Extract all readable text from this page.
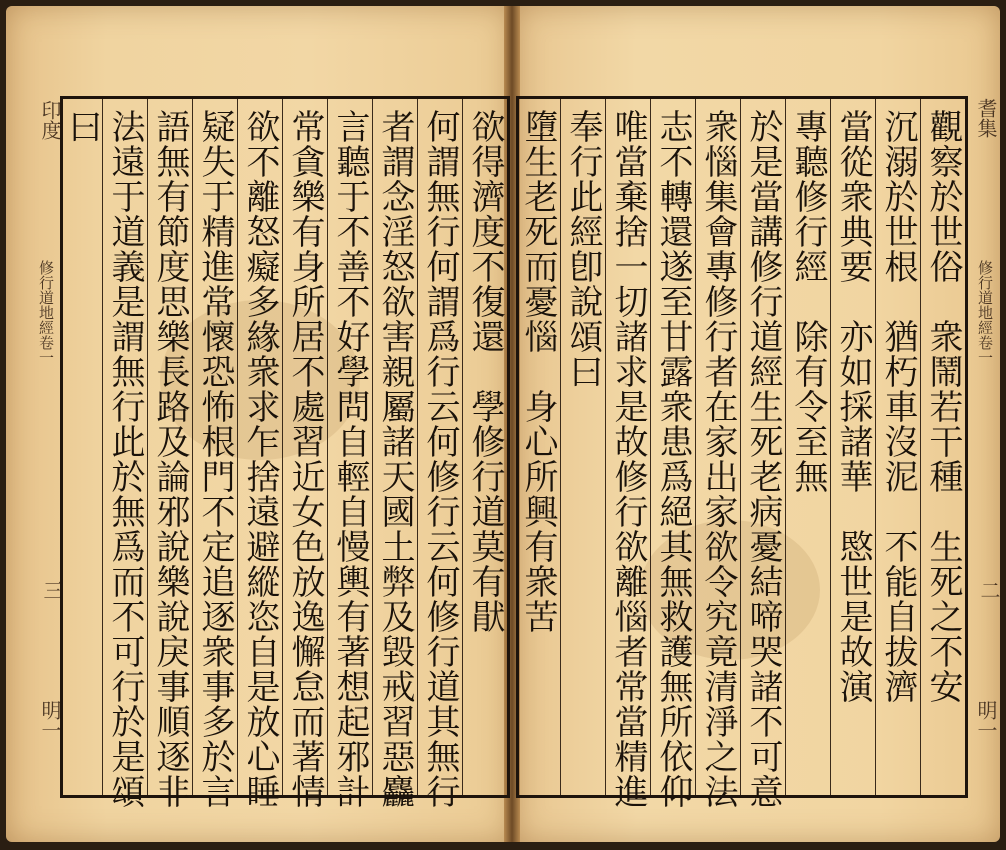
印度
修行道地經卷一
三
明一
耆集
修行道地經卷一
二
明一
欲得濟度不復還　學修行道莫有猒
何謂無行何謂爲行云何修行云何修行道其無行
者謂念淫怒欲害親屬諸天國土弊及毀戒習惡麤
言聽于不善不好學問自輕自慢輿有著想起邪計
常貪樂有身所居不處習近女色放逸懈怠而著情
欲不離怒癡多緣衆求乍捨遠避縱恣自是放心睡
疑失于精進常懷恐怖根門不定追逐衆事多於言
語無有節度思樂長路及論邪說樂說戾事順逐非
法遠于道義是謂無行此於無爲而不可行於是頌
曰	觀察於世俗　衆鬧若干種　生死之不安
沉溺於世根　猶朽車沒泥　不能自拔濟
當從衆典要　亦如採諸華　愍世是故演
專聽修行經　除有令至無
於是當講修行道經生死老病憂結啼哭諸不可意
衆惱集會專修行者在家出家欲令究竟清淨之法
志不轉還遂至甘露衆患爲絕其無救護無所依仰
唯當棄捨一切諸求是故修行欲離惱者常當精進
奉行此經卽說頌曰
墮生老死而憂惱　身心所興有衆苦
